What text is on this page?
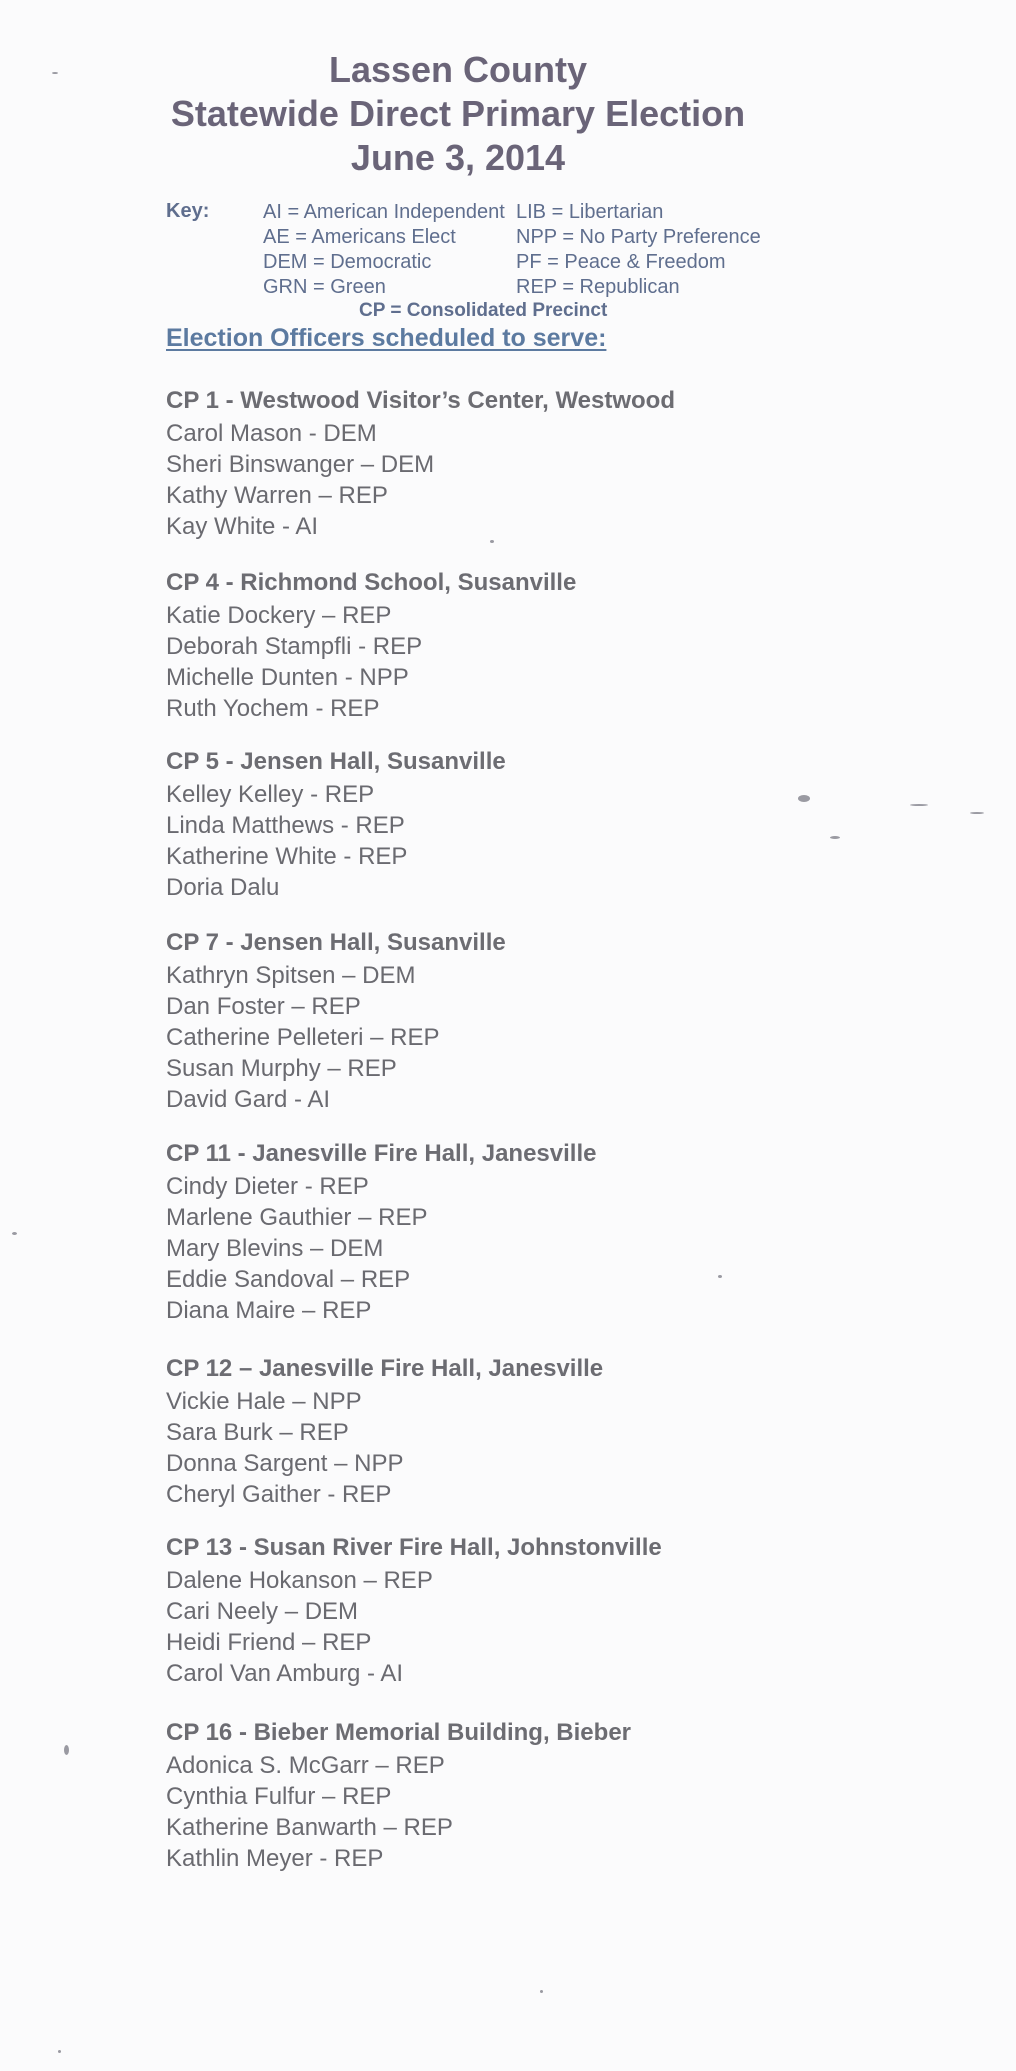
Lassen County
Statewide Direct Primary Election
June 3, 2014
Key:	AI = American Independent
AE = Americans Elect
DEM = Democratic
GRN = Green
LIB = Libertarian
NPP = No Party Preference
PF = Peace & Freedom
REP = Republican
CP = Consolidated Precinct
Election Officers scheduled to serve:
CP 1 - Westwood Visitor’s Center, Westwood
Carol Mason - DEM
Sheri Binswanger – DEM
Kathy Warren – REP
Kay White - AI
CP 4 - Richmond School, Susanville
Katie Dockery – REP
Deborah Stampfli - REP
Michelle Dunten - NPP
Ruth Yochem - REP
CP 5 - Jensen Hall, Susanville
Kelley Kelley - REP
Linda Matthews - REP
Katherine White - REP
Doria Dalu
CP 7 - Jensen Hall, Susanville
Kathryn Spitsen – DEM
Dan Foster – REP
Catherine Pelleteri – REP
Susan Murphy – REP
David Gard - AI
CP 11 - Janesville Fire Hall, Janesville
Cindy Dieter - REP
Marlene Gauthier – REP
Mary Blevins – DEM
Eddie Sandoval – REP
Diana Maire – REP
CP 12 – Janesville Fire Hall, Janesville
Vickie Hale – NPP
Sara Burk – REP
Donna Sargent – NPP
Cheryl Gaither - REP
CP 13 - Susan River Fire Hall, Johnstonville
Dalene Hokanson – REP
Cari Neely – DEM
Heidi Friend – REP
Carol Van Amburg - AI
CP 16 - Bieber Memorial Building, Bieber
Adonica S. McGarr – REP
Cynthia Fulfur – REP
Katherine Banwarth – REP
Kathlin Meyer - REP
